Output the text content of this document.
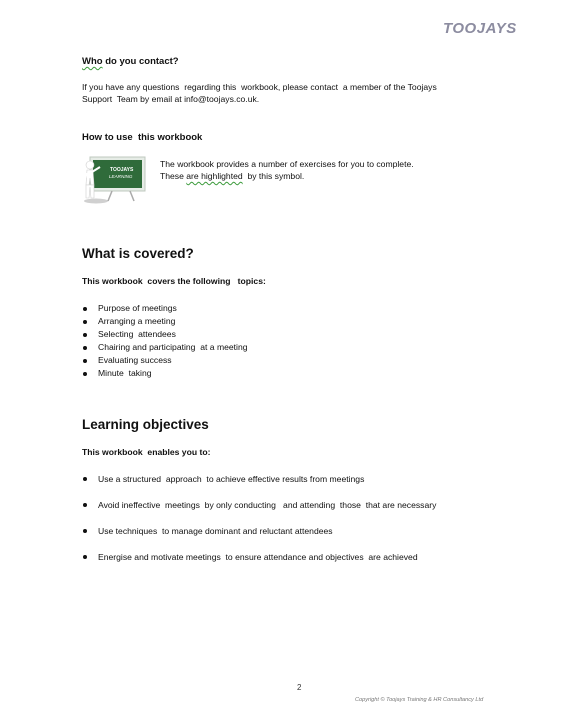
TOOJAYS
Who do you contact?
If you have any questions  regarding this  workbook, please contact  a member of the Toojays
Support  Team by email at info@toojays.co.uk.
How to use  this workbook
TOOJAYS
LEARNING
The workbook provides a number of exercises for you to complete.
These are highlighted  by this symbol.
What is covered?
This workbook  covers the following   topics:
Purpose of meetings
Arranging a meeting
Selecting  attendees
Chairing and participating  at a meeting
Evaluating success
Minute  taking
Learning objectives
This workbook  enables you to:
Use a structured  approach  to achieve effective results from meetings
Avoid ineffective  meetings  by only conducting   and attending  those  that are necessary
Use techniques  to manage dominant and reluctant attendees
Energise and motivate meetings  to ensure attendance and objectives  are achieved
2
Copyright © Toojays Training & HR Consultancy Ltd
